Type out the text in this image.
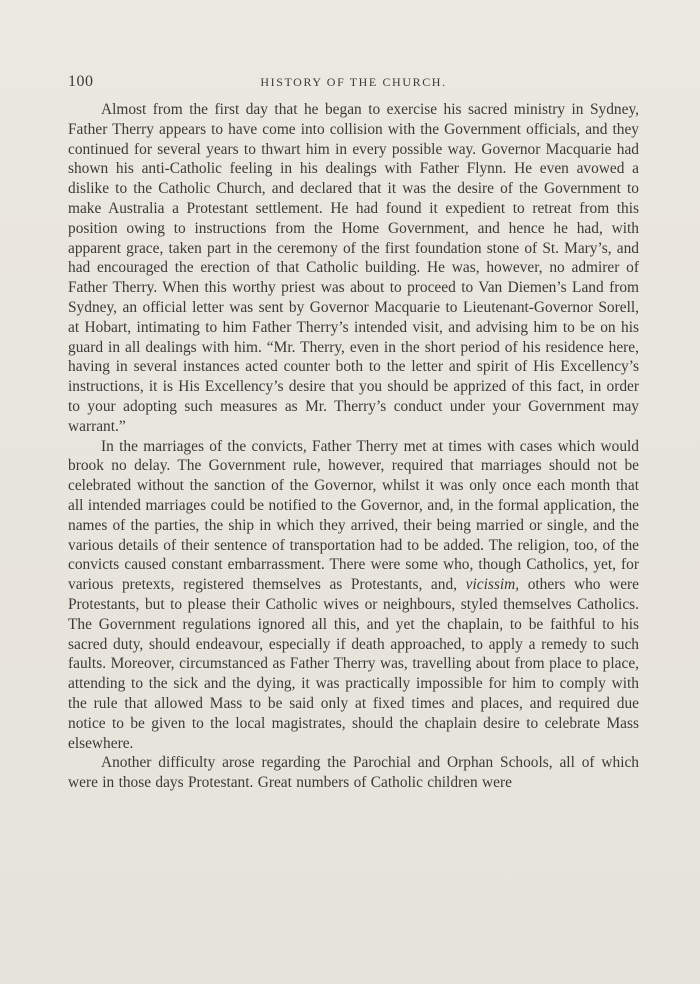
100	HISTORY OF THE CHURCH.

Almost from the first day that he began to exercise his sacred ministry in Sydney, Father Therry appears to have come into collision with the Government officials, and they continued for several years to thwart him in every possible way. Governor Macquarie had shown his anti-Catholic feeling in his dealings with Father Flynn. He even avowed a dislike to the Catholic Church, and declared that it was the desire of the Government to make Australia a Protestant settlement. He had found it expedient to retreat from this position owing to instructions from the Home Government, and hence he had, with apparent grace, taken part in the ceremony of the first foundation stone of St. Mary’s, and had encouraged the erection of that Catholic building. He was, however, no admirer of Father Therry. When this worthy priest was about to proceed to Van Diemen’s Land from Sydney, an official letter was sent by Governor Macquarie to Lieutenant-Governor Sorell, at Hobart, intimating to him Father Therry’s intended visit, and advising him to be on his guard in all dealings with him. “Mr. Therry, even in the short period of his residence here, having in several instances acted counter both to the letter and spirit of His Excellency’s instructions, it is His Excellency’s desire that you should be apprized of this fact, in order to your adopting such measures as Mr. Therry’s conduct under your Government may warrant.”

In the marriages of the convicts, Father Therry met at times with cases which would brook no delay. The Government rule, however, required that marriages should not be celebrated without the sanction of the Governor, whilst it was only once each month that all intended marriages could be notified to the Governor, and, in the formal application, the names of the parties, the ship in which they arrived, their being married or single, and the various details of their sentence of transportation had to be added. The religion, too, of the convicts caused constant embarrassment. There were some who, though Catholics, yet, for various pretexts, registered themselves as Protestants, and, vicissim, others who were Protestants, but to please their Catholic wives or neighbours, styled themselves Catholics. The Government regulations ignored all this, and yet the chaplain, to be faithful to his sacred duty, should endeavour, especially if death approached, to apply a remedy to such faults. Moreover, circumstanced as Father Therry was, travelling about from place to place, attending to the sick and the dying, it was practically impossible for him to comply with the rule that allowed Mass to be said only at fixed times and places, and required due notice to be given to the local magistrates, should the chaplain desire to celebrate Mass elsewhere.

Another difficulty arose regarding the Parochial and Orphan Schools, all of which were in those days Protestant. Great numbers of Catholic children were
